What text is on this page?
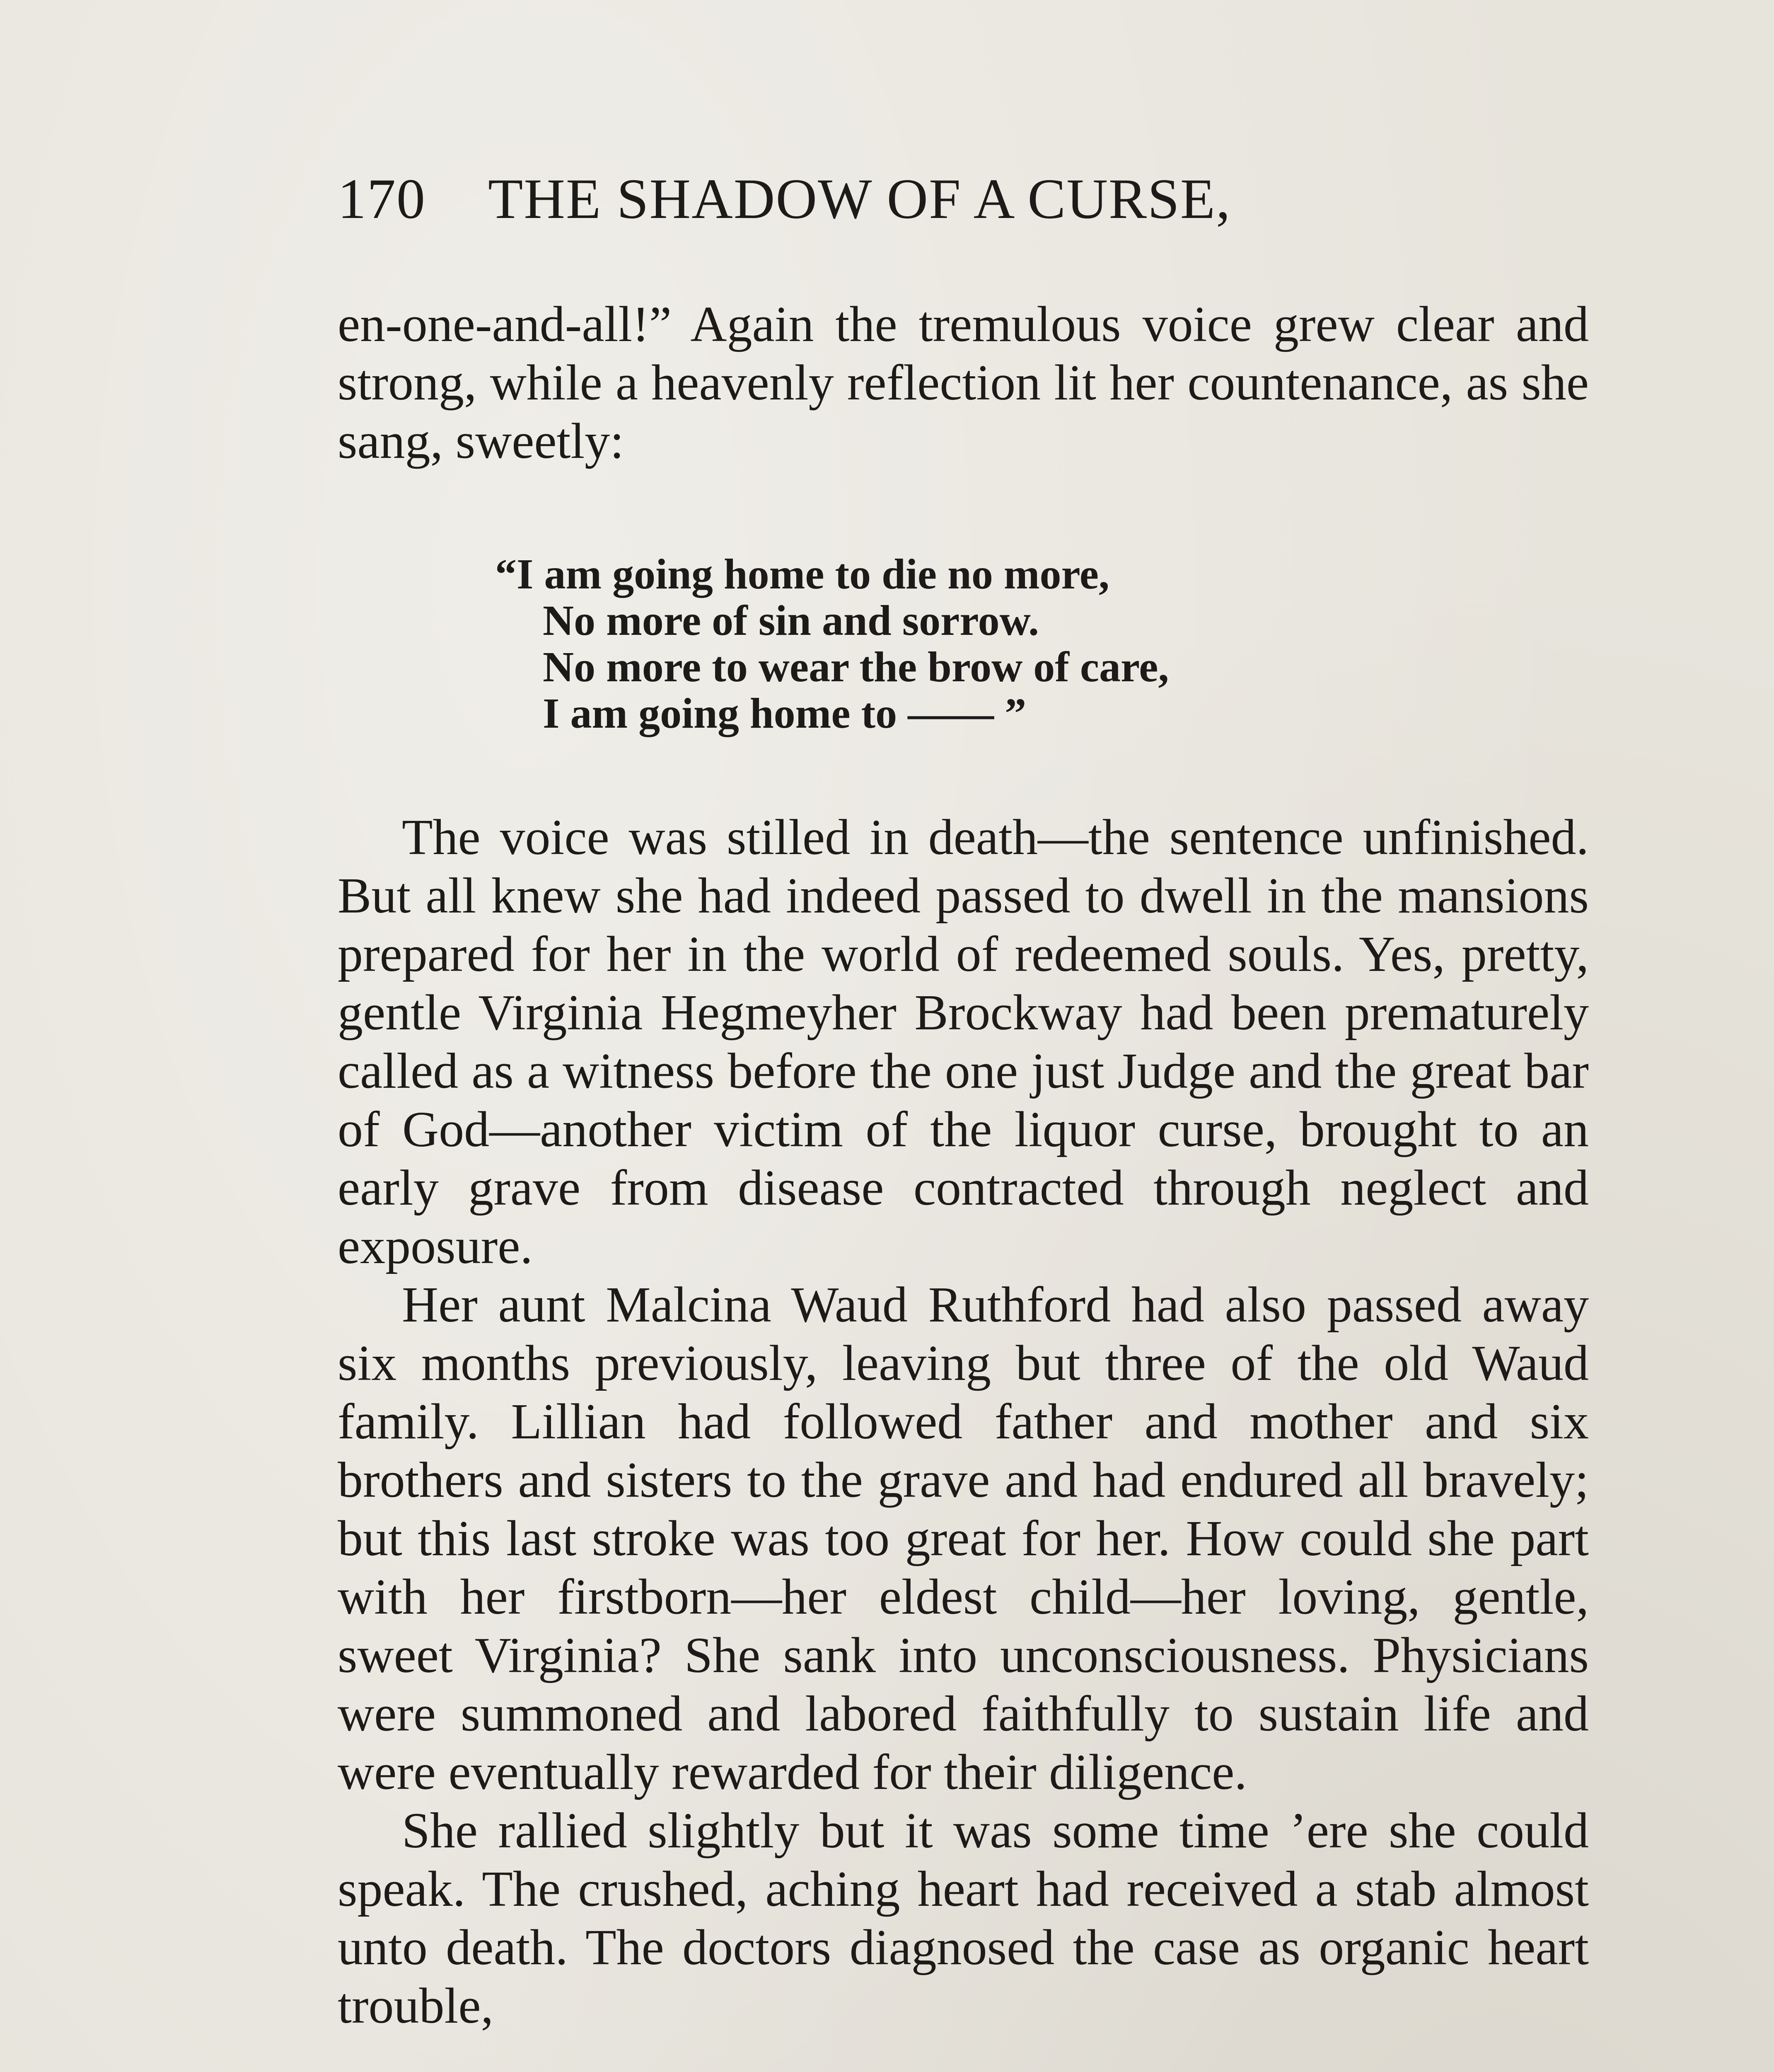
170 THE SHADOW OF A CURSE,

en-one-and-all!” Again the tremulous voice grew clear and strong, while a heavenly reflection lit her countenance, as she sang, sweetly:

“I am going home to die no more,
No more of sin and sorrow.
No more to wear the brow of care,
I am going home to —— ”

The voice was stilled in death—the sentence unfinished. But all knew she had indeed passed to dwell in the mansions prepared for her in the world of redeemed souls. Yes, pretty, gentle Virginia Hegmeyher Brockway had been prematurely called as a witness before the one just Judge and the great bar of God—another victim of the liquor curse, brought to an early grave from disease contracted through neglect and exposure.

Her aunt Malcina Waud Ruthford had also passed away six months previously, leaving but three of the old Waud family. Lillian had followed father and mother and six brothers and sisters to the grave and had endured all bravely; but this last stroke was too great for her. How could she part with her firstborn—her eldest child—her loving, gentle, sweet Virginia? She sank into unconsciousness. Physicians were summoned and labored faithfully to sustain life and were eventually rewarded for their diligence.

She rallied slightly but it was some time ’ere she could speak. The crushed, aching heart had received a stab almost unto death. The doctors diagnosed the case as organic heart trouble,
